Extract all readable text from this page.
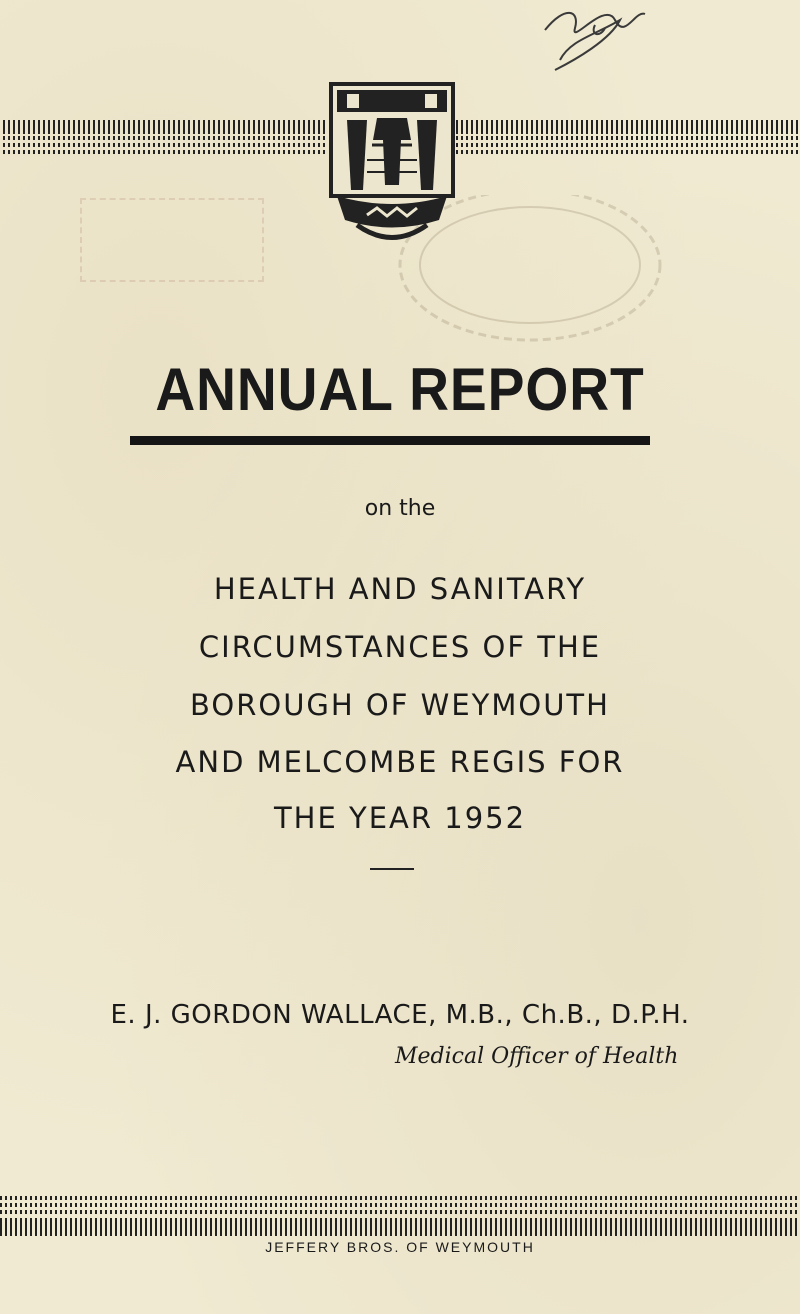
ANNUAL REPORT
on the
HEALTH AND SANITARY
CIRCUMSTANCES OF THE
BOROUGH OF WEYMOUTH
AND MELCOMBE REGIS FOR
THE YEAR 1952
E. J. GORDON WALLACE, M.B., Ch.B., D.P.H.
Medical Officer of Health
JEFFERY BROS. OF WEYMOUTH
